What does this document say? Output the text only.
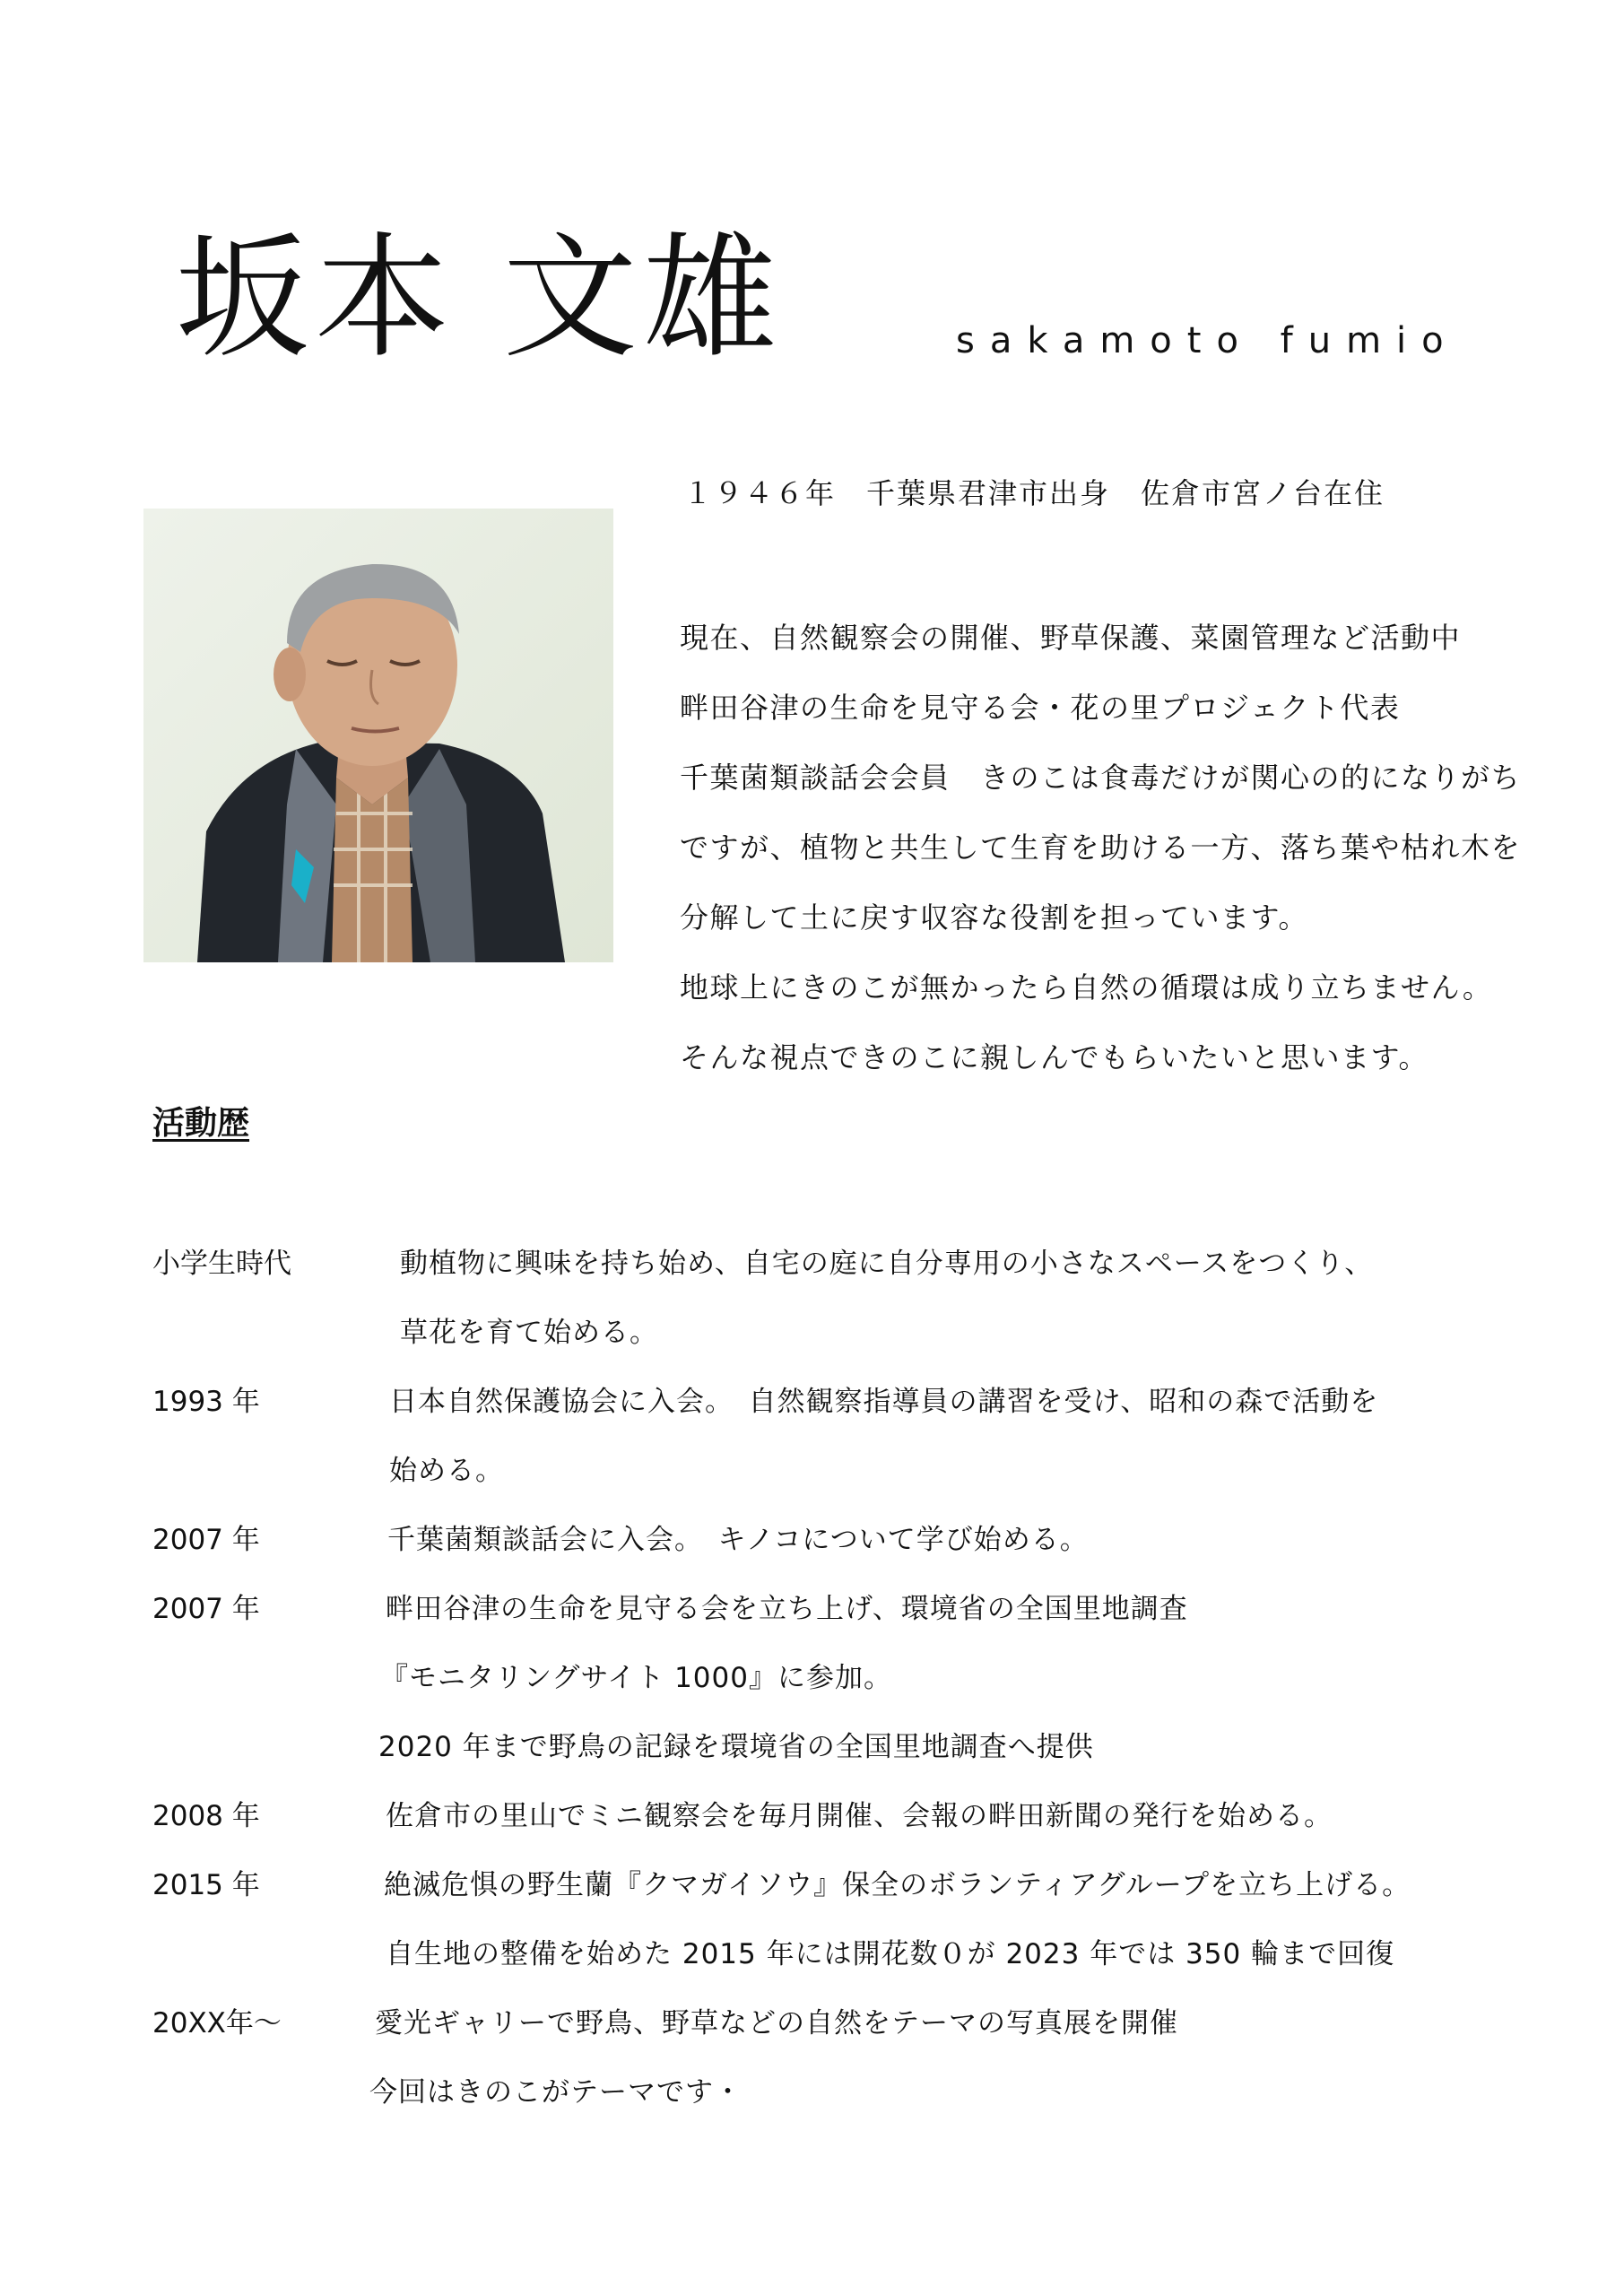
坂本 文雄	sakamoto fumio
１９４６年　千葉県君津市出身　佐倉市宮ノ台在住
現在、自然観察会の開催、野草保護、菜園管理など活動中
畔田谷津の生命を見守る会・花の里プロジェクト代表
千葉菌類談話会会員　きのこは食毒だけが関心の的になりがち
ですが、植物と共生して生育を助ける一方、落ち葉や枯れ木を
分解して土に戻す収容な役割を担っています。
地球上にきのこが無かったら自然の循環は成り立ちません。
そんな視点できのこに親しんでもらいたいと思います。
活動歴
小学生時代	動植物に興味を持ち始め、自宅の庭に自分専用の小さなスペースをつくり、
草花を育て始める。
1993 年	日本自然保護協会に入会。　自然観察指導員の講習を受け、昭和の森で活動を
始める。
2007 年	千葉菌類談話会に入会。　キノコについて学び始める。
2007 年	畔田谷津の生命を見守る会を立ち上げ、環境省の全国里地調査
『モニタリングサイト 1000』に参加。
2020 年まで野鳥の記録を環境省の全国里地調査へ提供
2008 年	佐倉市の里山でミニ観察会を毎月開催、会報の畔田新聞の発行を始める。
2015 年	絶滅危惧の野生蘭『クマガイソウ』保全のボランティアグループを立ち上げる。
自生地の整備を始めた 2015 年には開花数０が 2023 年では 350 輪まで回復
20XX年～	愛光ギャリーで野鳥、野草などの自然をテーマの写真展を開催
今回はきのこがテーマです・
